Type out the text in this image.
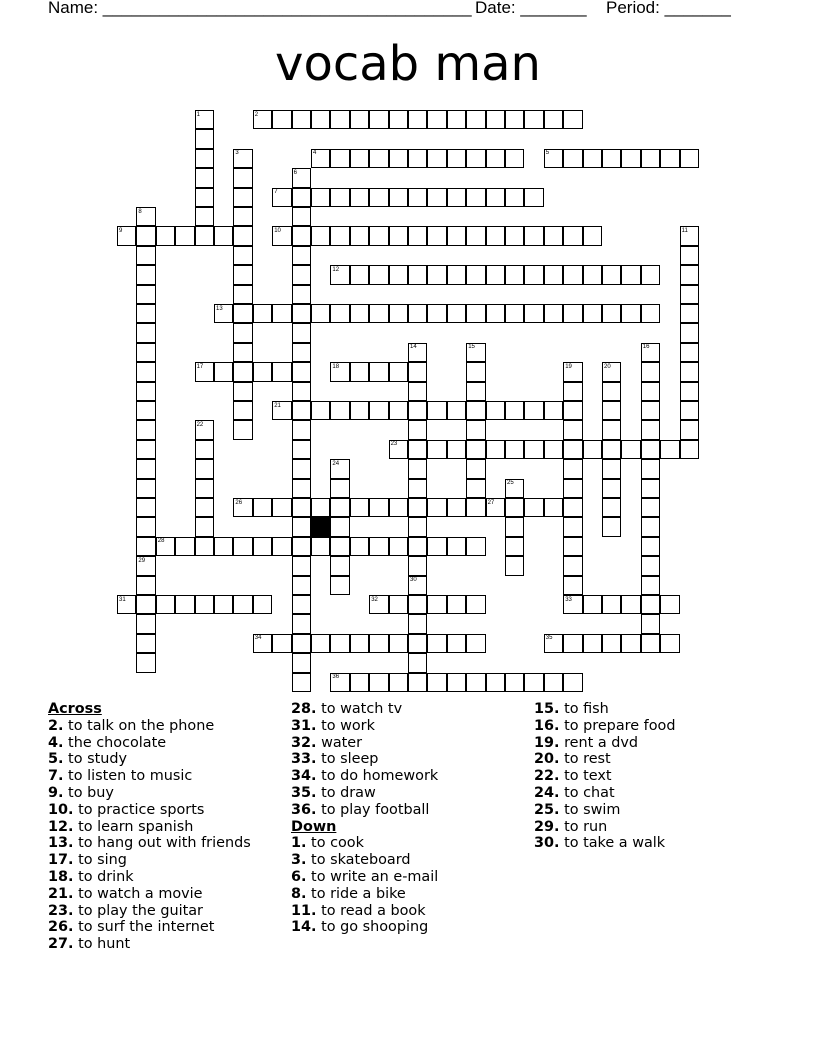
Name: _______________________________________ Date: _______ Period: _______
vocab man
1	2
3	4	5
6
7
8
9	10	11
12
13
14	15	16
17	18	19	20
21
22
23
24
25
26	27
28
29
30
31	32	33
34	35
36
Across
2. to talk on the phone
4. the chocolate
5. to study
7. to listen to music
9. to buy
10. to practice sports
12. to learn spanish
13. to hang out with friends
17. to sing
18. to drink
21. to watch a movie
23. to play the guitar
26. to surf the internet
27. to hunt
28. to watch tv
31. to work
32. water
33. to sleep
34. to do homework
35. to draw
36. to play football
Down
1. to cook
3. to skateboard
6. to write an e-mail
8. to ride a bike
11. to read a book
14. to go shooping
15. to fish
16. to prepare food
19. rent a dvd
20. to rest
22. to text
24. to chat
25. to swim
29. to run
30. to take a walk
